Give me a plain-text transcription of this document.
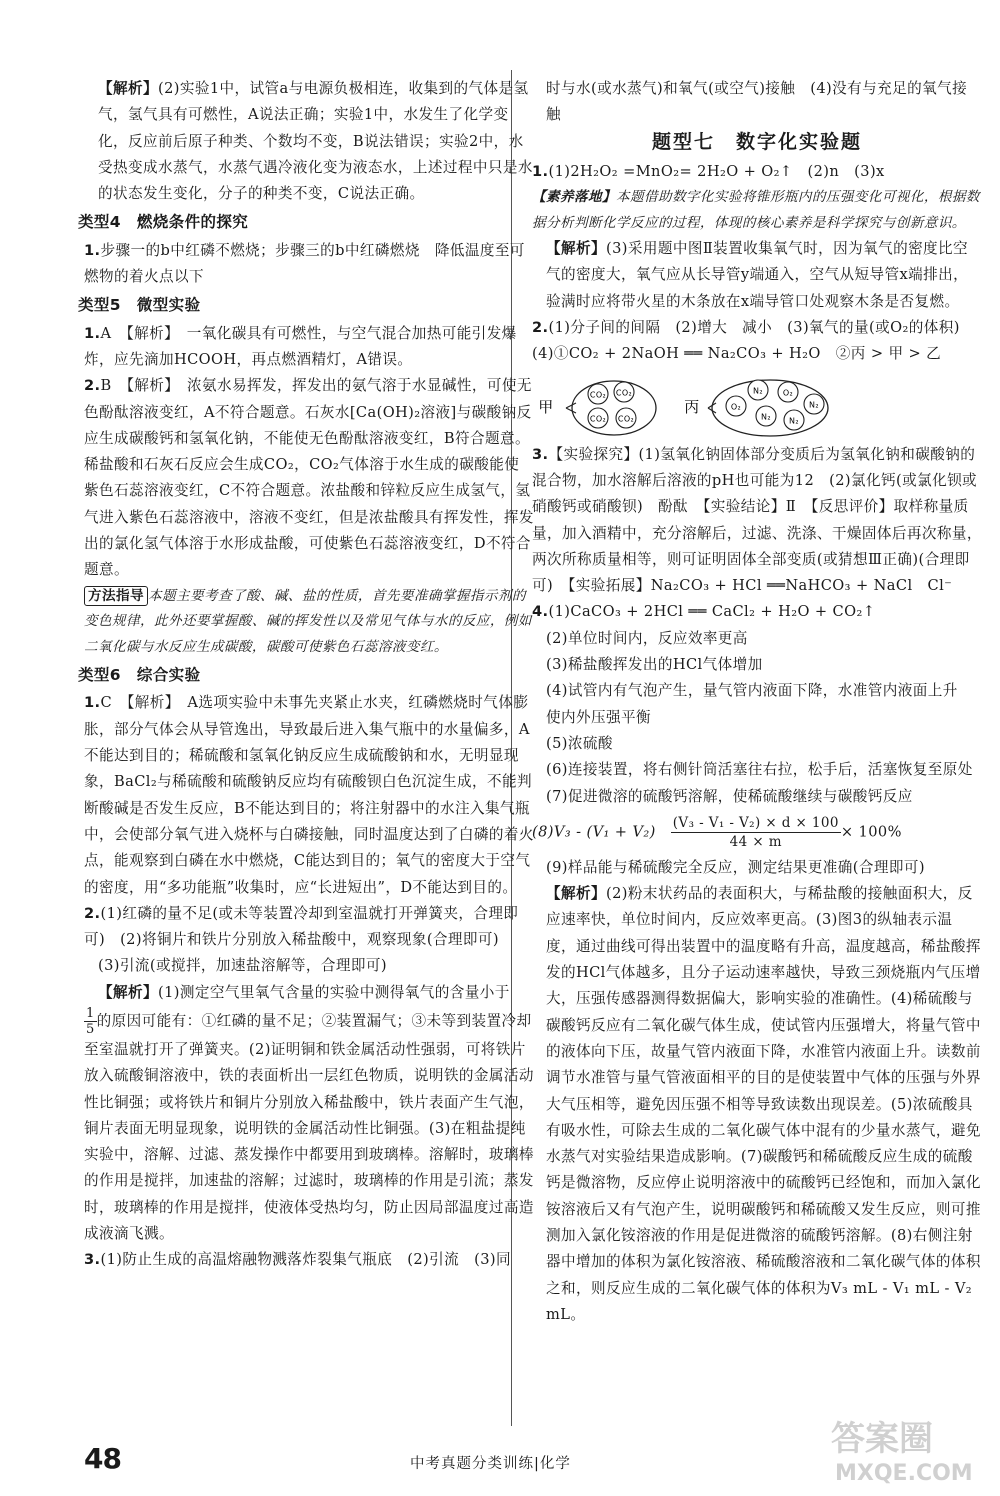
【解析】(2)实验1中，试管a与电源负极相连，收集到的气体是氢气，氢气具有可燃性，A说法正确；实验1中，水发生了化学变化，反应前后原子种类、个数均不变，B说法错误；实验2中，水受热变成水蒸气，水蒸气遇冷液化变为液态水，上述过程中只是水的状态发生变化，分子的种类不变，C说法正确。
类型4　燃烧条件的探究
1.步骤一的b中红磷不燃烧；步骤三的b中红磷燃烧　降低温度至可燃物的着火点以下
类型5　微型实验
1.A　【解析】　一氧化碳具有可燃性，与空气混合加热可能引发爆炸，应先滴加HCOOH，再点燃酒精灯，A错误。
2.B　【解析】　浓氨水易挥发，挥发出的氨气溶于水显碱性，可使无色酚酞溶液变红，A不符合题意。石灰水[Ca(OH)₂溶液]与碳酸钠反应生成碳酸钙和氢氧化钠，不能使无色酚酞溶液变红，B符合题意。稀盐酸和石灰石反应会生成CO₂，CO₂气体溶于水生成的碳酸能使紫色石蕊溶液变红，C不符合题意。浓盐酸和锌粒反应生成氢气，氢气进入紫色石蕊溶液中，溶液不变红，但是浓盐酸具有挥发性，挥发出的氯化氢气体溶于水形成盐酸，可使紫色石蕊溶液变红，D不符合题意。
方法指导 本题主要考查了酸、碱、盐的性质，首先要准确掌握指示剂的变色规律，此外还要掌握酸、碱的挥发性以及常见气体与水的反应，例如二氧化碳与水反应生成碳酸，碳酸可使紫色石蕊溶液变红。
类型6　综合实验
1.C　【解析】　A选项实验中未事先夹紧止水夹，红磷燃烧时气体膨胀，部分气体会从导管逸出，导致最后进入集气瓶中的水量偏多，A不能达到目的；稀硫酸和氢氧化钠反应生成硫酸钠和水，无明显现象，BaCl₂与稀硫酸和硫酸钠反应均有硫酸钡白色沉淀生成，不能判断酸碱是否发生反应，B不能达到目的；将注射器中的水注入集气瓶中，会使部分氧气进入烧杯与白磷接触，同时温度达到了白磷的着火点，能观察到白磷在水中燃烧，C能达到目的；氧气的密度大于空气的密度，用“多功能瓶”收集时，应“长进短出”，D不能达到目的。
2.(1)红磷的量不足(或未等装置冷却到室温就打开弹簧夹，合理即可)　(2)将铜片和铁片分别放入稀盐酸中，观察现象(合理即可)
(3)引流(或搅拌，加速盐溶解等，合理即可)
【解析】(1)测定空气里氧气含量的实验中测得氧气的含量小于
$\frac{1}{5}$ 的原因可能有：①红磷的量不足；②装置漏气；③未等到装置冷却至室温就打开了弹簧夹。(2)证明铜和铁金属活动性强弱，可将铁片放入硫酸铜溶液中，铁的表面析出一层红色物质，说明铁的金属活动性比铜强；或将铁片和铜片分别放入稀盐酸中，铁片表面产生气泡，铜片表面无明显现象，说明铁的金属活动性比铜强。(3)在粗盐提纯实验中，溶解、过滤、蒸发操作中都要用到玻璃棒。溶解时，玻璃棒的作用是搅拌，加速盐的溶解；过滤时，玻璃棒的作用是引流；蒸发时，玻璃棒的作用是搅拌，使液体受热均匀，防止因局部温度过高造成液滴飞溅。
3.(1)防止生成的高温熔融物溅落炸裂集气瓶底　(2)引流　(3)同
时与水(或水蒸气)和氧气(或空气)接触　(4)没有与充足的氧气接触
题型七　数字化实验题
1.(1)2H₂O₂ =MnO₂= 2H₂O + O₂↑　(2)n　(3)x
【素养落地】本题借助数字化实验将锥形瓶内的压强变化可视化，根据数据分析判断化学反应的过程，体现的核心素养是科学探究与创新意识。
【解析】(3)采用题中图Ⅱ装置收集氧气时，因为氧气的密度比空气的密度大，氧气应从长导管y端通入，空气从短导管x端排出，验满时应将带火星的木条放在x端导管口处观察木条是否复燃。
2.(1)分子间的间隔　(2)增大　减小　(3)氧气的量(或O₂的体积)　(4)①CO₂ + 2NaOH ══ Na₂CO₃ + H₂O　②丙 > 甲 > 乙
甲
CO₂ CO₂
CO₂ CO₂
丙	O₂
N₂ O₂
N₂ N₂
N₂
3.【实验探究】(1)氢氧化钠固体部分变质后为氢氧化钠和碳酸钠的混合物，加水溶解后溶液的pH也可能为12　(2)氯化钙(或氯化钡或硝酸钙或硝酸钡)　酚酞　【实验结论】Ⅱ　【反思评价】取样称量质量，加入酒精中，充分溶解后，过滤、洗涤、干燥固体后再次称量，两次所称质量相等，则可证明固体全部变质(或猜想Ⅲ正确)(合理即可)　【实验拓展】Na₂CO₃ + HCl ══NaHCO₃ + NaCl　Cl⁻
4.(1)CaCO₃ + 2HCl ══ CaCl₂ + H₂O + CO₂↑
(2)单位时间内，反应效率更高
(3)稀盐酸挥发出的HCl气体增加
(4)试管内有气泡产生，量气管内液面下降，水准管内液面上升　使内外压强平衡
(5)浓硫酸
(6)连接装置，将右侧针筒活塞往右拉，松手后，活塞恢复至原处
(7)促进微溶的硫酸钙溶解，使稀硫酸继续与碳酸钙反应
(8)V₃ - (V₁ + V₂)　 $\frac{\text{(V₃ - V₁ - V₂) × d × 100}}{44 \times m} \times 100\%$
(9)样品能与稀硫酸完全反应，测定结果更准确(合理即可)
【解析】(2)粉末状药品的表面积大，与稀盐酸的接触面积大，反应速率快，单位时间内，反应效率更高。(3)图3的纵轴表示温度，通过曲线可得出装置中的温度略有升高，温度越高，稀盐酸挥发的HCl气体越多，且分子运动速率越快，导致三颈烧瓶内气压增大，压强传感器测得数据偏大，影响实验的准确性。(4)稀硫酸与碳酸钙反应有二氧化碳气体生成，使试管内压强增大，将量气管中的液体向下压，故量气管内液面下降，水准管内液面上升。读数前调节水准管与量气管液面相平的目的是使装置中气体的压强与外界大气压相等，避免因压强不相等导致读数出现误差。(5)浓硫酸具有吸水性，可除去生成的二氧化碳气体中混有的少量水蒸气，避免水蒸气对实验结果造成影响。(7)碳酸钙和稀硫酸反应生成的硫酸钙是微溶物，反应停止说明溶液中的硫酸钙已经饱和，而加入氯化铵溶液后又有气泡产生，说明碳酸钙和稀硫酸又发生反应，则可推测加入氯化铵溶液的作用是促进微溶的硫酸钙溶解。(8)右侧注射器中增加的体积为氯化铵溶液、稀硫酸溶液和二氧化碳气体的体积之和，则反应生成的二氧化碳气体的体积为V₃ mL - V₁ mL - V₂ mL。
48	中考真题分类训练|化学
答案圈
MXQE.COM
